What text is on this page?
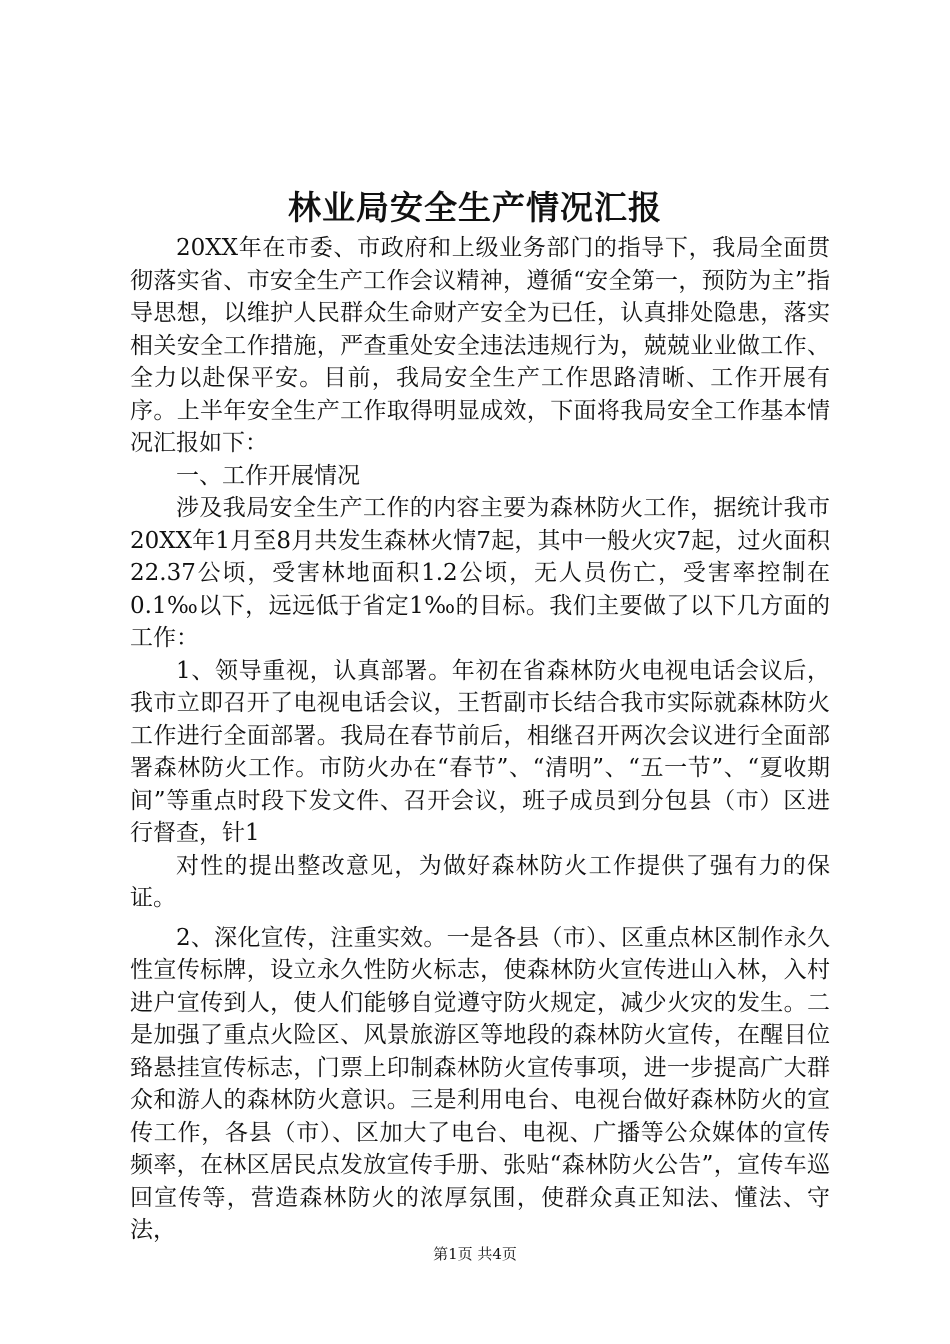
林业局安全生产情况汇报

20XX年在市委、市政府和上级业务部门的指导下，我局全面贯彻落实省、市安全生产工作会议精神，遵循“安全第一，预防为主”指导思想，以维护人民群众生命财产安全为已任，认真排处隐患，落实相关安全工作措施，严查重处安全违法违规行为，兢兢业业做工作、全力以赴保平安。目前，我局安全生产工作思路清晰、工作开展有序。上半年安全生产工作取得明显成效，下面将我局安全工作基本情况汇报如下：

一、工作开展情况

涉及我局安全生产工作的内容主要为森林防火工作，据统计我市20XX年1月至8月共发生森林火情7起，其中一般火灾7起，过火面积22.37公顷，受害林地面积1.2公顷，无人员伤亡，受害率控制在0.1‰以下，远远低于省定1‰的目标。我们主要做了以下几方面的工作：

1、领导重视，认真部署。年初在省森林防火电视电话会议后，我市立即召开了电视电话会议，王哲副市长结合我市实际就森林防火工作进行全面部署。我局在春节前后，相继召开两次会议进行全面部署森林防火工作。市防火办在“春节”、“清明”、“五一节”、“夏收期间”等重点时段下发文件、召开会议，班子成员到分包县（市）区进行督查，针1

对性的提出整改意见，为做好森林防火工作提供了强有力的保证。

2、深化宣传，注重实效。一是各县（市）、区重点林区制作永久性宣传标牌，设立永久性防火标志，使森林防火宣传进山入林，入村进户宣传到人，使人们能够自觉遵守防火规定，减少火灾的发生。二是加强了重点火险区、风景旅游区等地段的森林防火宣传，在醒目位臵悬挂宣传标志，门票上印制森林防火宣传事项，进一步提高广大群众和游人的森林防火意识。三是利用电台、电视台做好森林防火的宣传工作，各县（市）、区加大了电台、电视、广播等公众媒体的宣传频率，在林区居民点发放宣传手册、张贴“森林防火公告”，宣传车巡回宣传等，营造森林防火的浓厚氛围，使群众真正知法、懂法、守法，

第1页 共4页
